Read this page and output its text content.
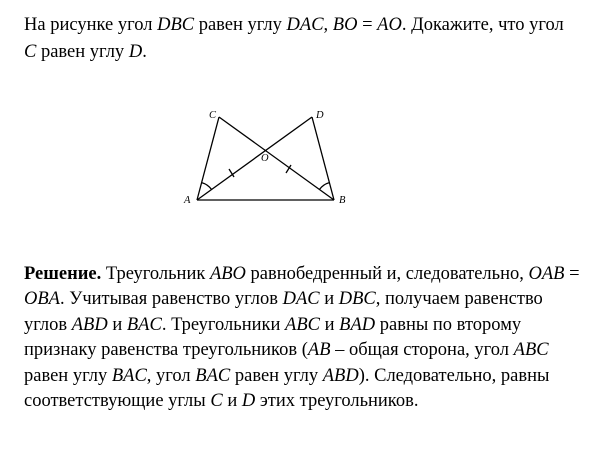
На рисунке угол DBC равен углу DAC, BO = AO. Докажите, что угол C равен углу D.
C	D
O
A	B
Решение. Треугольник ABO равнобедренный и, следовательно, OAB = OBA. Учитывая равенство углов DAC и DBC, получаем равенство углов ABD и BAC. Треугольники ABC и BAD равны по второму признаку равенства треугольников (AB – общая сторона, угол ABC равен углу BAC, угол BAC равен углу ABD). Следовательно, равны соответствующие углы C и D этих треугольников.
